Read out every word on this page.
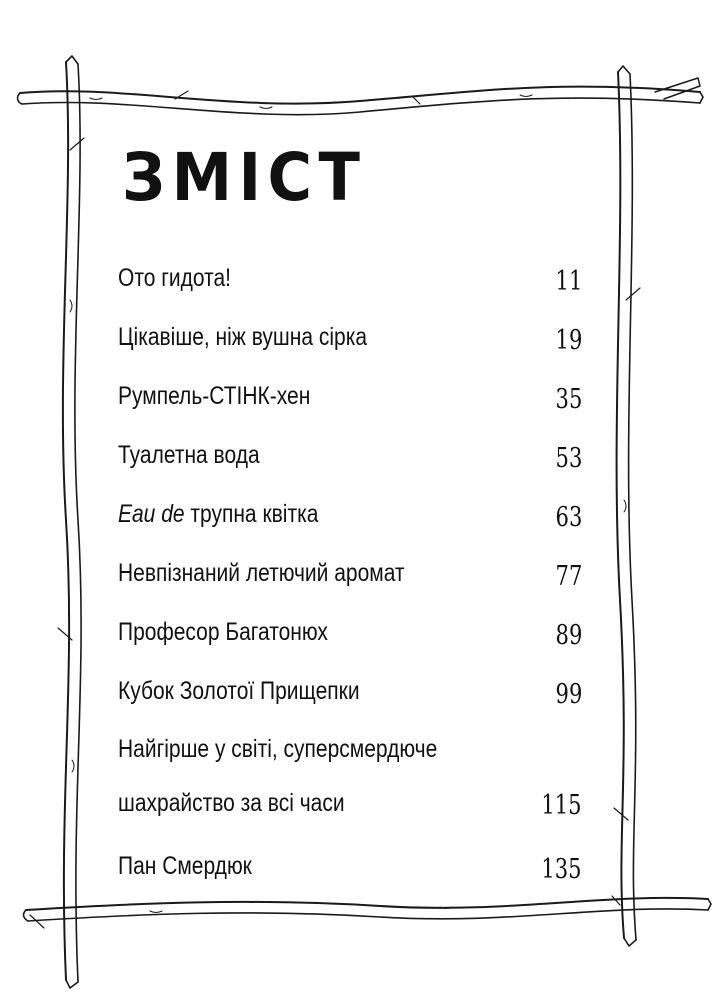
ЗМІСТ
Ото гидота!	11
Цікавіше, ніж вушна сірка	19
Румпель-СТІНК-хен	35
Туалетна вода	53
Eau de трупна квітка	63
Невпізнаний летючий аромат	77
Професор Багатонюх	89
Кубок Золотої Прищепки	99
Найгірше у світі, суперсмердюче
шахрайство за всі часи	115
Пан Смердюк	135
